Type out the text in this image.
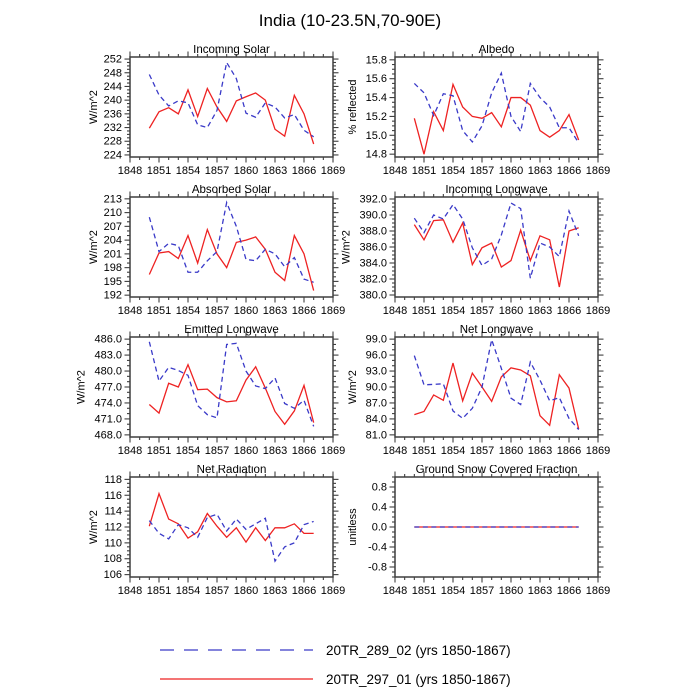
India (10-23.5N,70-90E)
224
228
232
236
240
244
248
252
1848 1851 1854 1857 1860 1863 1866 1869
Incoming Solar
W/m^2
14.8
15.0
15.2
15.4
15.6
15.8
1848 1851 1854 1857 1860 1863 1866 1869
Albedo
% reflected
192
195
198
201
204
207
210
213
1848 1851 1854 1857 1860 1863 1866 1869
Absorbed Solar
W/m^2
380.0
382.0
384.0
386.0
388.0
390.0
392.0
1848 1851 1854 1857 1860 1863 1866 1869
Incoming Longwave
W/m^2
468.0
471.0
474.0
477.0
480.0
483.0
486.0
1848 1851 1854 1857 1860 1863 1866 1869
Emitted Longwave
W/m^2
81.0
84.0
87.0
90.0
93.0
96.0
99.0
1848 1851 1854 1857 1860 1863 1866 1869
Net Longwave
W/m^2
106
108
110
112
114
116
118
1848 1851 1854 1857 1860 1863 1866 1869
Net Radiation
W/m^2
-0.8
-0.4
0.0
0.4
0.8
1848 1851 1854 1857 1860 1863 1866 1869
Ground Snow Covered Fraction
unitless
20TR_289_02 (yrs 1850-1867)
20TR_297_01 (yrs 1850-1867)
